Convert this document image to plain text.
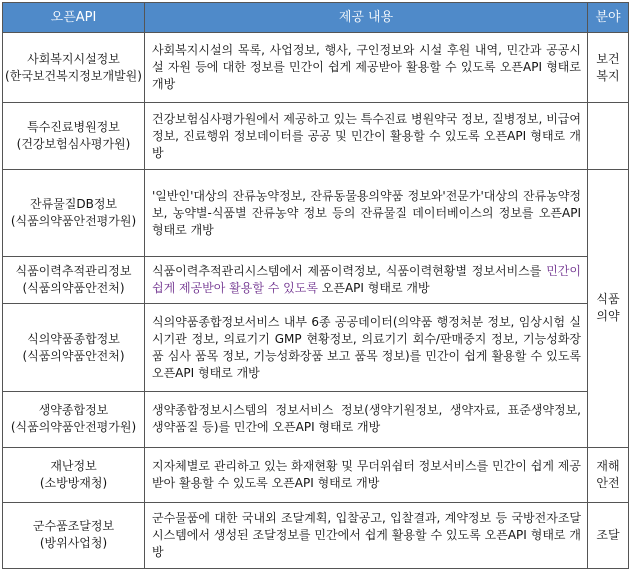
오픈API	제공 내용	분야

사회복지시설정보
(한국보건복지정보개발원)	사회복지시설의 목록, 사업정보, 행사, 구인정보와 시설 후원 내역, 민간과 공공시설 자원 등에 대한 정보를 민간이 쉽게 제공받아 활용할 수 있도록 오픈API 형태로 개방	보건
복지

특수진료병원정보
(건강보험심사평가원)	건강보험심사평가원에서 제공하고 있는 특수진료 병원약국 정보, 질병정보, 비급여 정보, 진료행위 정보데이터를 공공 및 민간이 활용할 수 있도록 오픈API 형태로 개방	

잔류물질DB정보
(식품의약품안전평가원)	'일반인'대상의 잔류농약정보, 잔류동물용의약품 정보와'전문가'대상의 잔류농약정보, 농약별-식품별 잔류농약 정보 등의 잔류물질 데이터베이스의 정보를 오픈API 형태로 개방	식품
의약

식품이력추적관리정보
(식품의약품안전처)	식품이력추적관리시스템에서 제품이력정보, 식품이력현황별 정보서비스를 민간이 쉽게 제공받아 활용할 수 있도록 오픈API 형태로 개방	

식의약품종합정보
(식품의약품안전처)	식의약품종합정보서비스 내부 6종 공공데이터(의약품 행정처분 정보, 임상시험 실시기관 정보, 의료기기 GMP 현황정보, 의료기기 회수/판매중지 정보, 기능성화장품 심사 품목 정보, 기능성화장품 보고 품목 정보)를 민간이 쉽게 활용할 수 있도록 오픈API 형태로 개방	

생약종합정보
(식품의약품안전평가원)	생약종합정보시스템의 정보서비스 정보(생약기원정보, 생약자료, 표준생약정보, 생약품질 등)를 민간에 오픈API 형태로 개방	

재난정보
(소방방재청)	지자체별로 관리하고 있는 화재현황 및 무더위쉼터 정보서비스를 민간이 쉽게 제공받아 활용할 수 있도록 오픈API 형태로 개방	재해
안전

군수품조달정보
(방위사업청)	군수물품에 대한 국내외 조달계획, 입찰공고, 입찰결과, 계약정보 등 국방전자조달시스템에서 생성된 조달정보를 민간에서 쉽게 활용할 수 있도록 오픈API 형태로 개방	조달
